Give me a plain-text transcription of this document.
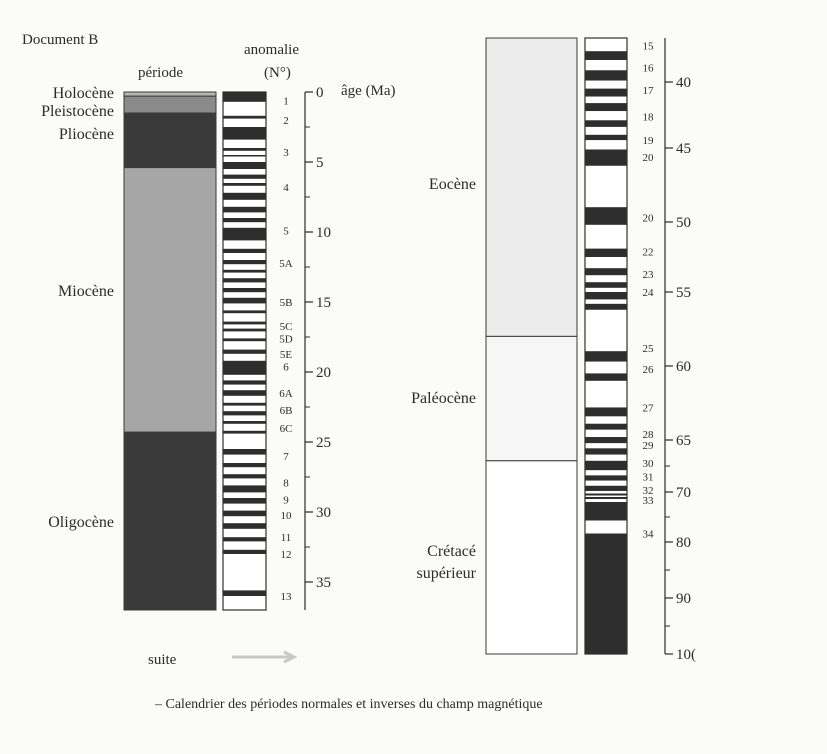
Document B
période
anomalie
(N°)
âge (Ma)
Holocène
Pleistocène
Pliocène
Miocène
Oligocène
1
2
3
4
5
5A
5B
5C
5D
5E
6
6A
6B
6C
7
8
9
10
11
12
13
0
5
10
15
20
25
30
35
Eocène
Paléocène
Crétacé
supérieur
15
16
17
18
19
20
20
22
23
24
25
26
27
28
29
30
31
32
33
34
40
45
50
55
60
65
70
80
90
10(
suite
– Calendrier des périodes normales et inverses du champ magnétique
